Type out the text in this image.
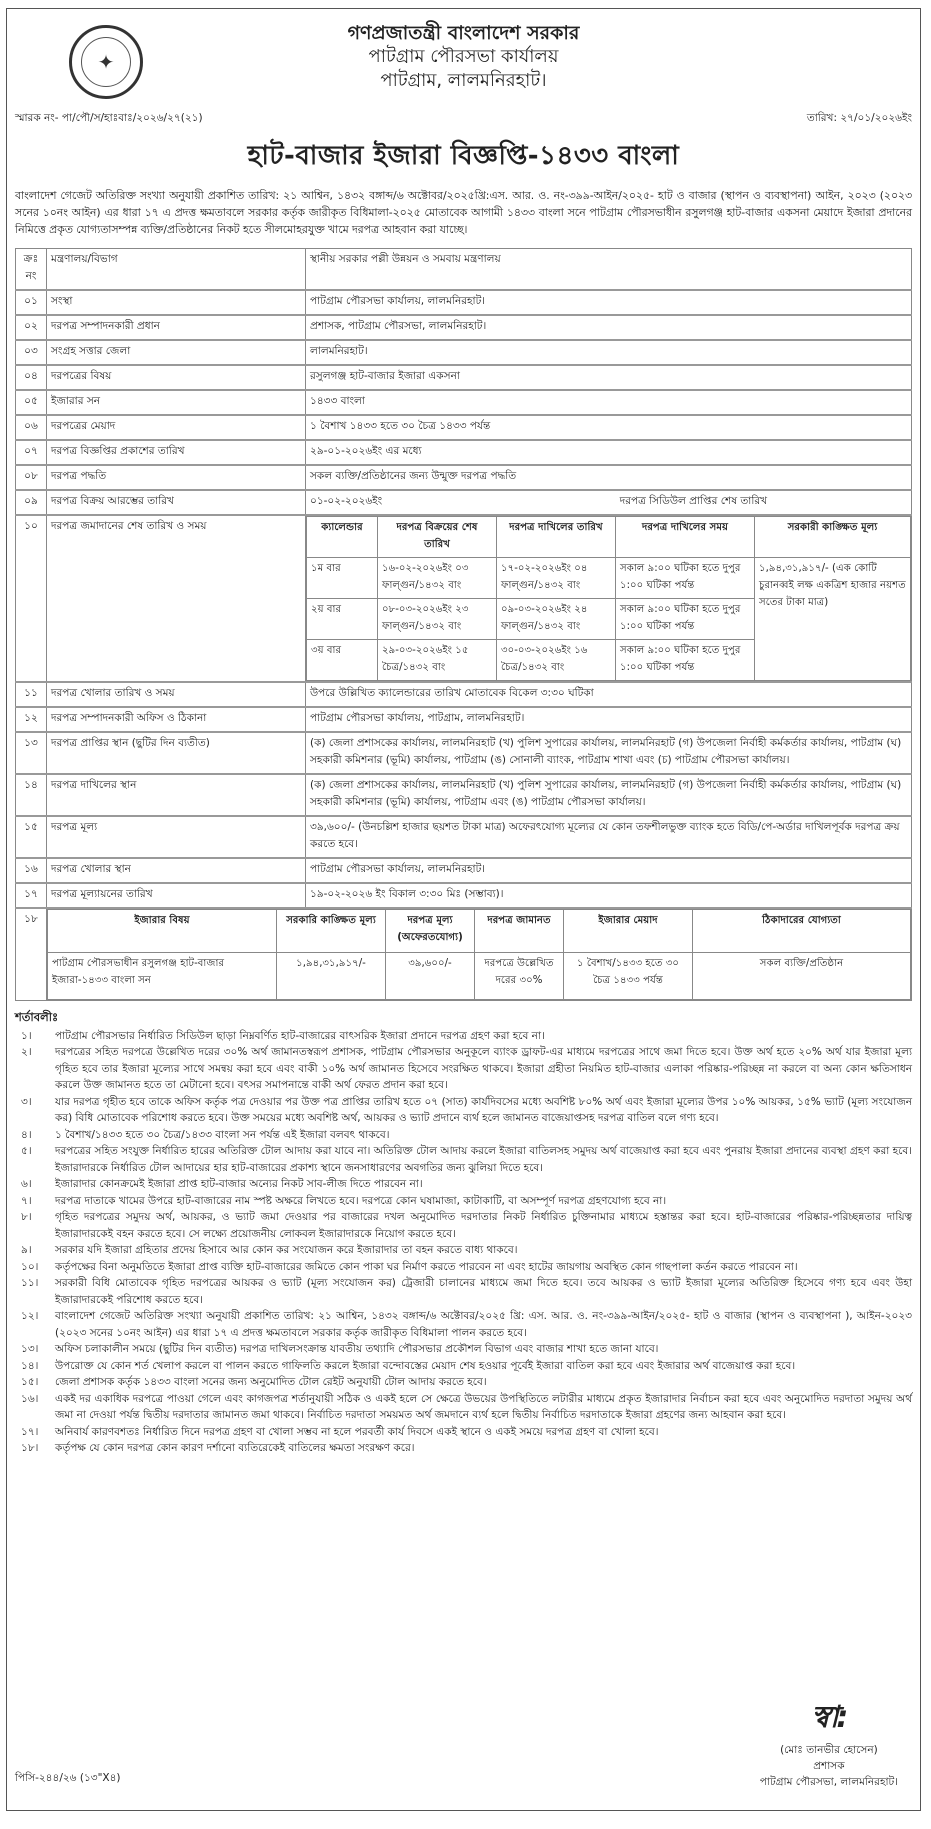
✦
গণপ্রজাতন্ত্রী বাংলাদেশ সরকার
পাটগ্রাম পৌরসভা কার্যালয়
পাটগ্রাম, লালমনিরহাট।
স্মারক নং- পা/পৌ/স/হাঃবাঃ/২০২৬/২৭(২১)	তারিখ: ২৭/০১/২০২৬ইং
হাট-বাজার ইজারা বিজ্ঞপ্তি-১৪৩৩ বাংলা
বাংলাদেশ গেজেট অতিরিক্ত সংখ্যা অনুযায়ী প্রকাশিত তারিখ: ২১ আশ্বিন, ১৪৩২ বঙ্গাব্দ/৬ অক্টোবর/২০২৫খ্রি:এস. আর. ও. নং-৩৯৯-আইন/২০২৫- হাট ও বাজার (স্থাপন ও ব্যবস্থাপনা) আইন, ২০২৩ (২০২৩ সনের ১০নং আইন) এর ধারা ১৭ এ প্রদত্ত ক্ষমতাবলে সরকার কর্তৃক জারীকৃত বিধিমালা-২০২৫ মোতাবেক আগামী ১৪৩৩ বাংলা সনে পাটগ্রাম পৌরসভাধীন রসুলগঞ্জ হাট-বাজার একসনা মেয়াদে ইজারা প্রদানের নিমিত্তে প্রকৃত যোগ্যতাসম্পন্ন ব্যক্তি/প্রতিষ্ঠানের নিকট হতে সীলমোহরযুক্ত খামে দরপত্র আহবান করা যাচ্ছে।
ক্রঃ নং	মন্ত্রণালয়/বিভাগ	স্থানীয় সরকার পল্লী উন্নয়ন ও সমবায় মন্ত্রণালয়
০১	সংস্থা	পাটগ্রাম পৌরসভা কার্যালয়, লালমনিরহাট।
০২	দরপত্র সম্পাদনকারী প্রধান	প্রশাসক, পাটগ্রাম পৌরসভা, লালমনিরহাট।
০৩	সংগ্রহ সত্তার জেলা	লালমনিরহাট।
০৪	দরপত্রের বিষয়	রসুলগঞ্জ হাট-বাজার ইজারা একসনা
০৫	ইজারার সন	১৪৩৩ বাংলা
০৬	দরপত্রের মেয়াদ	১ বৈশাখ ১৪৩৩ হতে ৩০ চৈত্র ১৪৩৩ পর্যন্ত
০৭	দরপত্র বিজ্ঞপ্তির প্রকাশের তারিখ	২৯-০১-২০২৬ইং এর মধ্যে
০৮	দরপত্র পদ্ধতি	সকল ব্যক্তি/প্রতিষ্ঠানের জন্য উন্মুক্ত দরপত্র পদ্ধতি
০৯	দরপত্র বিক্রয় আরম্ভের তারিখ	০১-০২-২০২৬ইং	দরপত্র সিডিউল প্রাপ্তির শেষ তারিখ

১০	দরপত্র জমাদানের শেষ তারিখ ও সময়		ক্যালেন্ডার	দরপত্র বিক্রয়ের শেষ তারিখ	দরপত্র দাখিলের তারিখ	দরপত্র দাখিলের সময়	সরকারী কাঙ্ক্ষিত মূল্য
১ম বার	১৬-০২-২০২৬ইং ০৩ ফাল্গুন/১৪৩২ বাং	১৭-০২-২০২৬ইং ০৪ ফাল্গুন/১৪৩২ বাং	সকাল ৯:০০ ঘটিকা হতে দুপুর ১:০০ ঘটিকা পর্যন্ত	১,৯৪,৩১,৯১৭/- (এক কোটি চুরানব্বই লক্ষ একত্রিশ হাজার নয়শত সতের টাকা মাত্র)
২য় বার	০৮-০৩-২০২৬ইং ২৩ ফাল্গুন/১৪৩২ বাং	০৯-০৩-২০২৬ইং ২৪ ফাল্গুন/১৪৩২ বাং	সকাল ৯:০০ ঘটিকা হতে দুপুর ১:০০ ঘটিকা পর্যন্ত
৩য় বার	২৯-০৩-২০২৬ইং ১৫ চৈত্র/১৪৩২ বাং	৩০-০৩-২০২৬ইং ১৬ চৈত্র/১৪৩২ বাং	সকাল ৯:০০ ঘটিকা হতে দুপুর ১:০০ ঘটিকা পর্যন্ত

১১	দরপত্র খোলার তারিখ ও সময়	উপরে উল্লিখিত ক্যালেন্ডারের তারিখ মোতাবেক বিকেল ৩:৩০ ঘটিকা
১২	দরপত্র সম্পাদনকারী অফিস ও ঠিকানা	পাটগ্রাম পৌরসভা কার্যালয়, পাটগ্রাম, লালমনিরহাট।
১৩	দরপত্র প্রাপ্তির স্থান (ছুটির দিন ব্যতীত)	(ক) জেলা প্রশাসকের কার্যালয়, লালমনিরহাট (খ) পুলিশ সুপারের কার্যালয়, লালমনিরহাট (গ) উপজেলা নির্বাহী কর্মকর্তার কার্যালয়, পাটগ্রাম (ঘ) সহকারী কমিশনার (ভূমি) কার্যালয়, পাটগ্রাম (ঙ) সোনালী ব্যাংক, পাটগ্রাম শাখা এবং (চ) পাটগ্রাম পৌরসভা কার্যালয়।
১৪	দরপত্র দাখিলের স্থান	(ক) জেলা প্রশাসকের কার্যালয়, লালমনিরহাট (খ) পুলিশ সুপারের কার্যালয়, লালমনিরহাট (গ) উপজেলা নির্বাহী কর্মকর্তার কার্যালয়, পাটগ্রাম (ঘ) সহকারী কমিশনার (ভূমি) কার্যালয়, পাটগ্রাম এবং (ঙ) পাটগ্রাম পৌরসভা কার্যালয়।
১৫	দরপত্র মূল্য	৩৯,৬০০/- (উনচল্লিশ হাজার ছয়শত টাকা মাত্র) অফেরৎযোগ্য মূল্যের যে কোন তফশীলভুক্ত ব্যাংক হতে বিডি/পে-অর্ডার দাখিলপূর্বক দরপত্র ক্রয় করতে হবে।
১৬	দরপত্র খোলার স্থান	পাটগ্রাম পৌরসভা কার্যালয়, লালমনিরহাট।
১৭	দরপত্র মূল্যায়নের তারিখ	১৯-০২-২০২৬ ইং বিকাল ৩:৩০ মিঃ (সম্ভাব্য)।
১৮		ইজারার বিষয়	সরকারি কাঙ্ক্ষিত মূল্য	দরপত্র মূল্য (অফেরতযোগ্য)	দরপত্র জামানত	ইজারার মেয়াদ	ঠিকাদারের যোগ্যতা
পাটগ্রাম পৌরসভাধীন রসুলগঞ্জ হাট-বাজার ইজারা-১৪৩৩ বাংলা সন	১,৯৪,৩১,৯১৭/-	৩৯,৬০০/-	দরপত্রে উল্লেখিত দরের ৩০%	১ বৈশাখ/১৪৩৩ হতে ৩০ চৈত্র ১৪৩৩ পর্যন্ত	সকল ব্যক্তি/প্রতিষ্ঠান
শর্তাবলীঃ
১।	পাটগ্রাম পৌরসভার নির্ধারিত সিডিউল ছাড়া নিম্নবর্ণিত হাট-বাজারের বাৎসরিক ইজারা প্রদানে দরপত্র গ্রহণ করা হবে না।
২।	দরপত্রের সহিত দরপত্রে উল্লেখিত দরের ৩০% অর্থ জামানতস্বরূপ প্রশাসক, পাটগ্রাম পৌরসভার অনুকূলে ব্যাংক ড্রাফট-এর মাধ্যমে দরপত্রের সাথে জমা দিতে হবে। উক্ত অর্থ হতে ২০% অর্থ যার ইজারা মূল্য গৃহিত হবে তার ইজারা মূল্যের সাথে সমন্বয় করা হবে এবং বাকী ১০% অর্থ জামানত হিসেবে সংরক্ষিত থাকবে। ইজারা গ্রহীতা নিয়মিত হাট-বাজার এলাকা পরিষ্কার-পরিচ্ছন্ন না করলে বা অন্য কোন ক্ষতিসাধন করলে উক্ত জামানত হতে তা মেটানো হবে। বৎসর সমাপনান্তে বাকী অর্থ ফেরত প্রদান করা হবে।
৩।	যার দরপত্র গৃহীত হবে তাকে অফিস কর্তৃক পত্র দেওয়ার পর উক্ত পত্র প্রাপ্তির তারিখ হতে ০৭ (সাত) কার্যদিবসের মধ্যে অবশিষ্ট ৮০% অর্থ এবং ইজারা মূল্যের উপর ১০% আয়কর, ১৫% ভ্যাট (মূল্য সংযোজন কর) বিধি মোতাবেক পরিশোধ করতে হবে। উক্ত সময়ের মধ্যে অবশিষ্ট অর্থ, আয়কর ও ভ্যাট প্রদানে ব্যর্থ হলে জামানত বাজেয়াপ্তসহ দরপত্র বাতিল বলে গণ্য হবে।
৪।	১ বৈশাখ/১৪৩৩ হতে ৩০ চৈত্র/১৪৩৩ বাংলা সন পর্যন্ত এই ইজারা বলবৎ থাকবে।
৫।	দরপত্রের সহিত সংযুক্ত নির্ধারিত হারের অতিরিক্ত টোল আদায় করা যাবে না। অতিরিক্ত টোল আদায় করলে ইজারা বাতিলসহ সমুদয় অর্থ বাজেয়াপ্ত করা হবে এবং পুনরায় ইজারা প্রদানের ব্যবস্থা গ্রহণ করা হবে। ইজারাদারকে নির্ধারিত টোল আদায়ের হার হাট-বাজারের প্রকাশ্য স্থানে জনসাধারণের অবগতির জন্য ঝুলিয়া দিতে হবে।
৬।	ইজারাদার কোনক্রমেই ইজারা প্রাপ্ত হাট-বাজার অন্যের নিকট সাব-লীজ দিতে পারবেন না।
৭।	দরপত্র দাতাকে খামের উপরে হাট-বাজারের নাম স্পষ্ট অক্ষরে লিখতে হবে। দরপত্রে কোন ঘষামাজা, কাটাকাটি, বা অসম্পূর্ণ দরপত্র গ্রহণযোগ্য হবে না।
৮।	গৃহিত দরপত্রের সমুদয় অর্থ, আয়কর, ও ভ্যাট জমা দেওয়ার পর বাজারের দখল অনুমোদিত দরদাতার নিকট নির্ধারিত চুক্তিনামার মাধ্যমে হস্তান্তর করা হবে। হাট-বাজারের পরিষ্কার-পরিচ্ছন্নতার দায়িত্ব ইজারাদারকেই বহন করতে হবে। সে লক্ষ্যে প্রয়োজনীয় লোকবল ইজারাদারকে নিয়োগ করতে হবে।
৯।	সরকার যদি ইজারা গ্রহিতার প্রদেয় হিসাবে আর কোন কর সংযোজন করে ইজারাদার তা বহন করতে বাধ্য থাকবে।
১০।	কর্তৃপক্ষের বিনা অনুমতিতে ইজারা প্রাপ্ত ব্যক্তি হাট-বাজারের জমিতে কোন পাকা ঘর নির্মাণ করতে পারবেন না এবং হাটের জায়গায় অবস্থিত কোন গাছপালা কর্তন করতে পারবেন না।
১১।	সরকারী বিধি মোতাবেক গৃহিত দরপত্রের আয়কর ও ভ্যাট (মূল্য সংযোজন কর) ট্রেজারী চালানের মাধ্যমে জমা দিতে হবে। তবে আয়কর ও ভ্যাট ইজারা মূল্যের অতিরিক্ত হিসেবে গণ্য হবে এবং উহা ইজারাদারকেই পরিশোধ করতে হবে।
১২।	বাংলাদেশ গেজেট অতিরিক্ত সংখ্যা অনুযায়ী প্রকাশিত তারিখ: ২১ আশ্বিন, ১৪৩২ বঙ্গাব্দ/৬ অক্টোবর/২০২৫ খ্রি: এস. আর. ও. নং-৩৯৯-আইন/২০২৫- হাট ও বাজার (স্থাপন ও ব্যবস্থাপনা ), আইন-২০২৩ (২০২৩ সনের ১০নং আইন) এর ধারা ১৭ এ প্রদত্ত ক্ষমতাবলে সরকার কর্তৃক জারীকৃত বিধিমালা পালন করতে হবে।
১৩।	অফিস চলাকালীন সময়ে (ছুটির দিন ব্যতীত) দরপত্র দাখিলসংক্রান্ত যাবতীয় তথ্যাদি পৌরসভার প্রকৌশল বিভাগ এবং বাজার শাখা হতে জানা যাবে।
১৪।	উপরোক্ত যে কোন শর্ত খেলাপ করলে বা পালন করতে গাফিলতি করলে ইজারা বন্দোবস্তের মেয়াদ শেষ হওয়ার পূর্বেই ইজারা বাতিল করা হবে এবং ইজারার অর্থ বাজেয়াপ্ত করা হবে।
১৫।	জেলা প্রশাসক কর্তৃক ১৪৩৩ বাংলা সনের জন্য অনুমোদিত টোল রেইট অনুযায়ী টোল আদায় করতে হবে।
১৬।	একই দর একাধিক দরপত্রে পাওয়া গেলে এবং কাগজপত্র শর্তানুযায়ী সঠিক ও একই হলে সে ক্ষেত্রে উভয়ের উপস্থিতিতে লটারীর মাধ্যমে প্রকৃত ইজারাদার নির্বাচন করা হবে এবং অনুমোদিত দরদাতা সমুদয় অর্থ জমা না দেওয়া পর্যন্ত দ্বিতীয় দরদাতার জামানত জমা থাকবে। নির্বাচিত দরদাতা সময়মত অর্থ জমদানে ব্যর্থ হলে দ্বিতীয় নির্বাচিত দরদাতাকে ইজারা গ্রহণের জন্য আহবান করা হবে।
১৭।	অনিবার্য কারণবশতঃ নির্ধারিত দিনে দরপত্র গ্রহণ বা খোলা সম্ভব না হলে পরবর্তী কার্য দিবসে একই স্থানে ও একই সময়ে দরপত্র গ্রহণ বা খোলা হবে।
১৮।	কর্তৃপক্ষ যে কোন দরপত্র কোন কারণ দর্শানো ব্যতিরেকেই বাতিলের ক্ষমতা সংরক্ষণ করে।
পিসি-২৪৪/২৬ (১৩"X৪)
স্বা:
(মোঃ তানভীর হোসেন)
প্রশাসক
পাটগ্রাম পৌরসভা, লালমনিরহাট।
